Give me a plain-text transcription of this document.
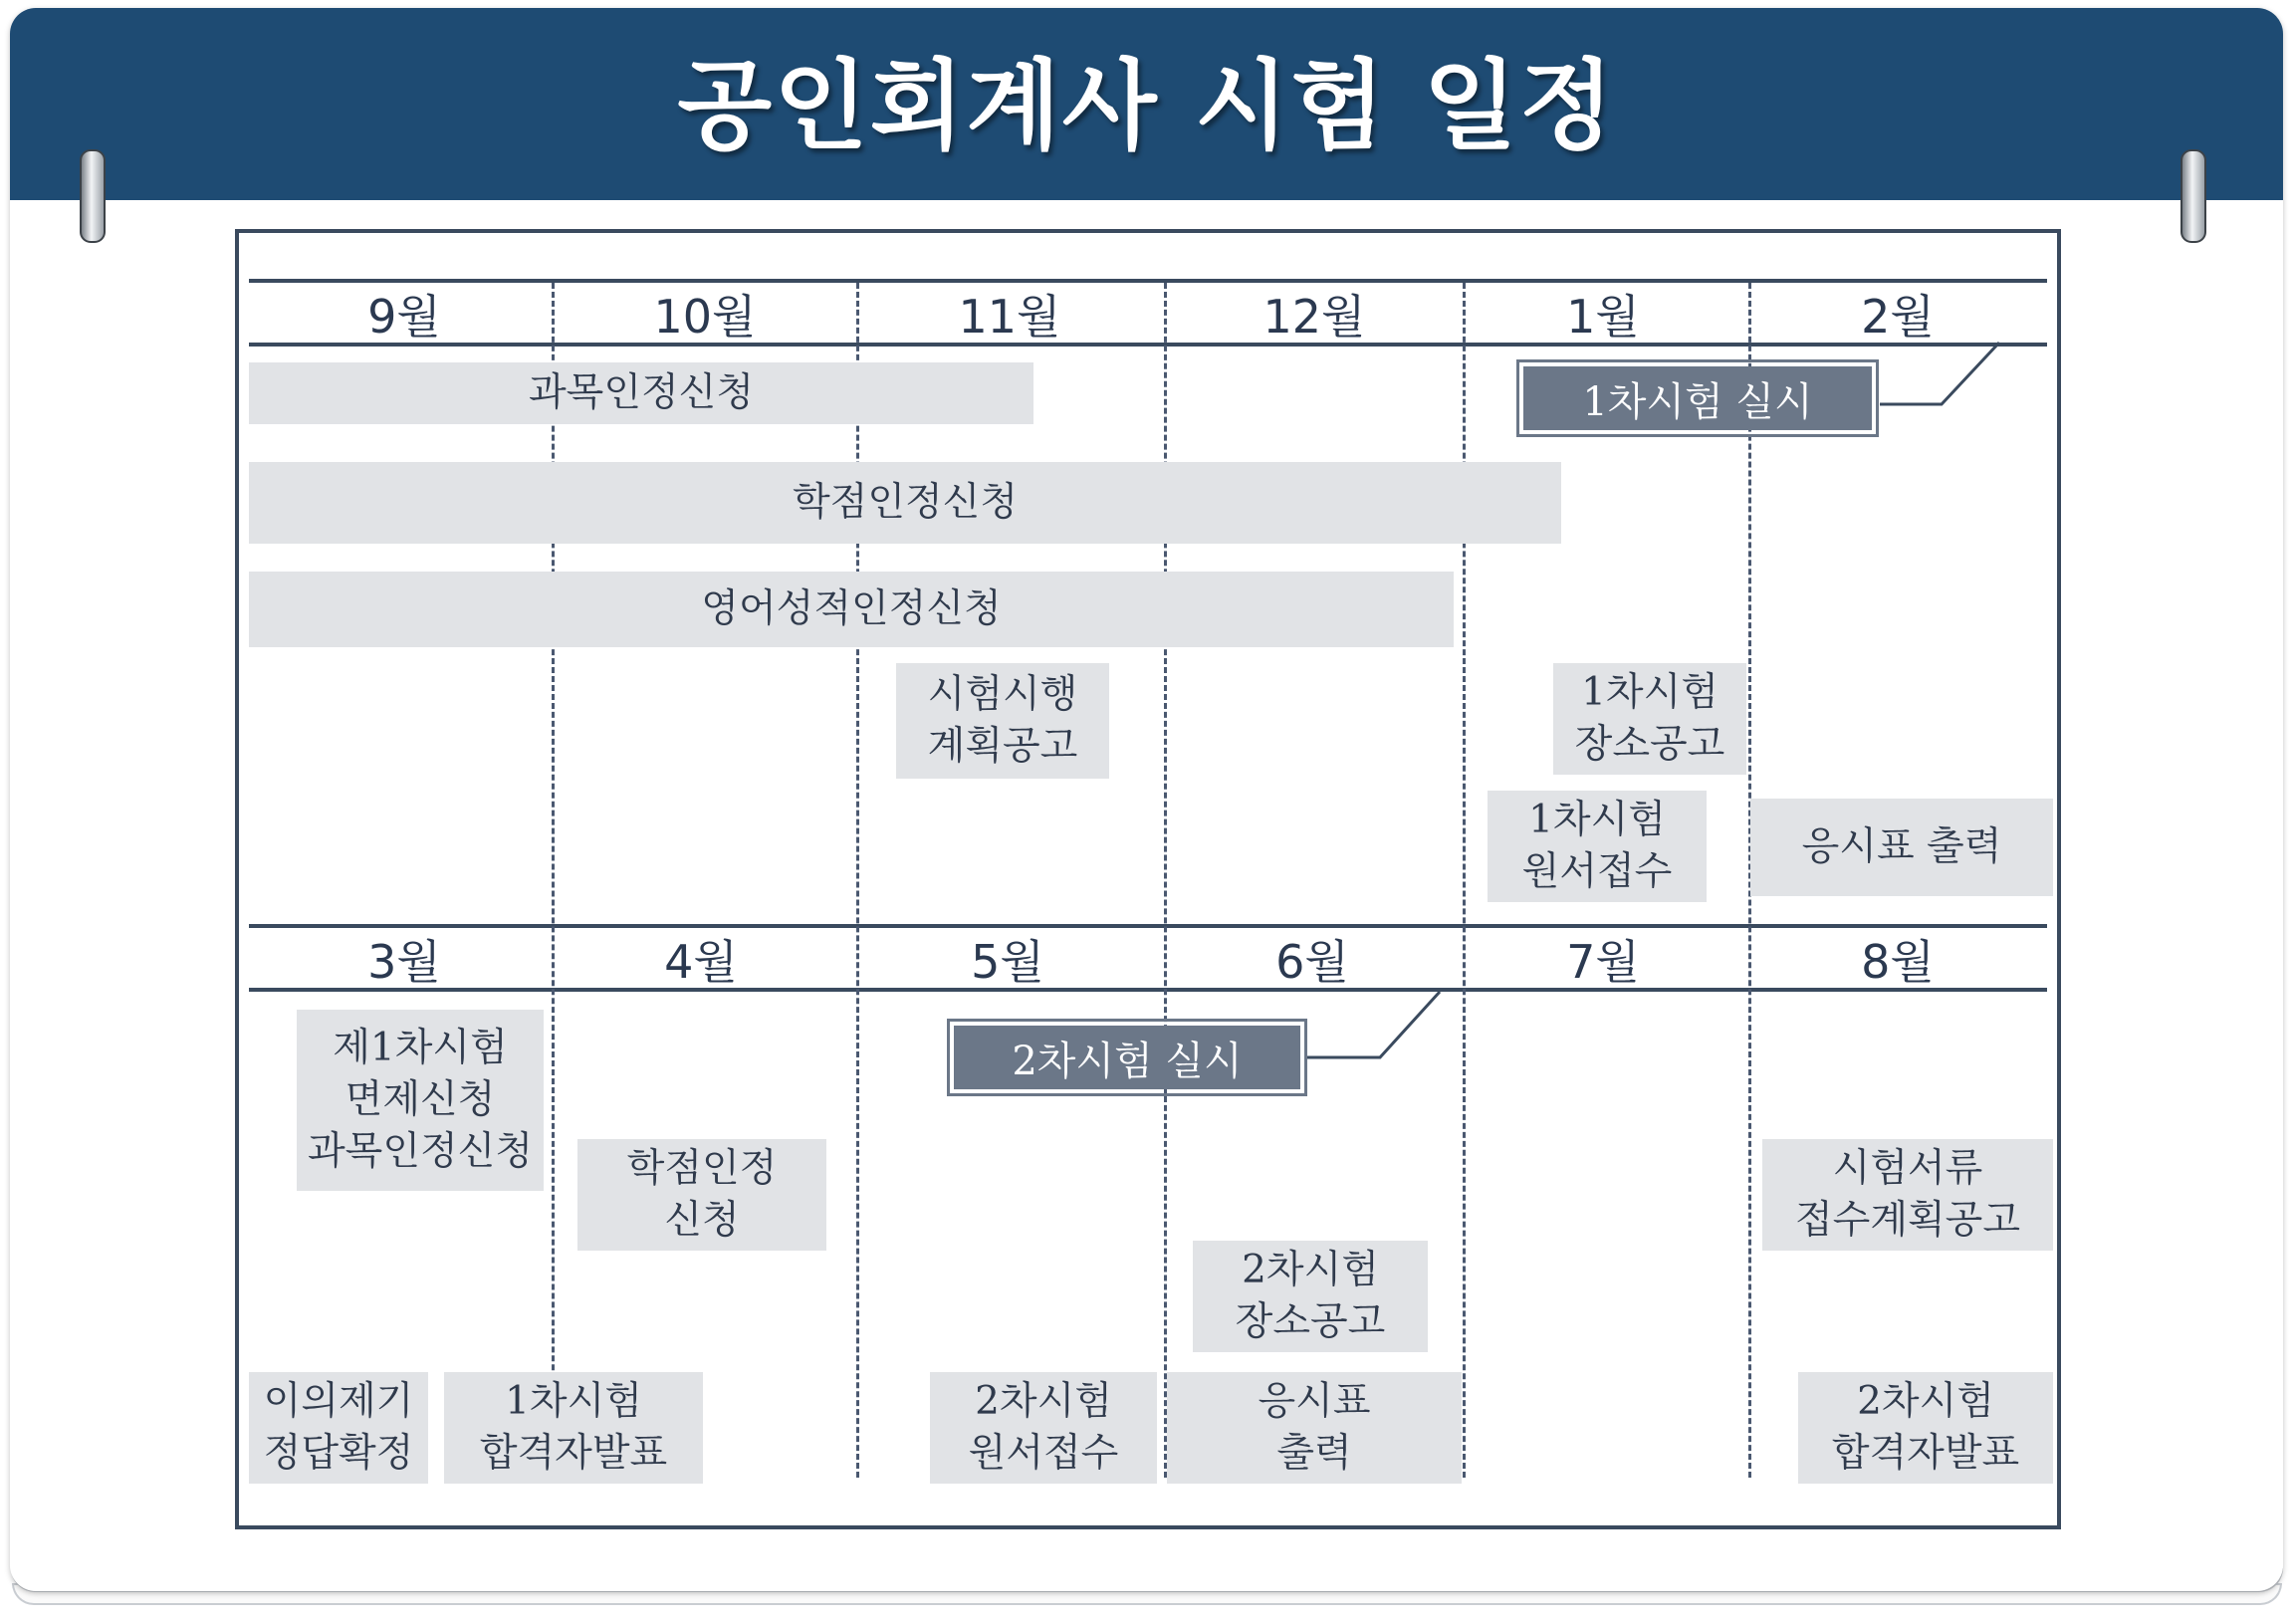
공인회계사 시험 일정
9월	10월	11월	12월	1월	2월
3월	4월	5월	6월	7월	8월
과목인정신청
학점인정신청
영어성적인정신청
시험시행
계획공고
1차시험
장소공고
1차시험
원서접수
응시표 출력
1차시험 실시
제1차시험
면제신청
과목인정신청 학점인정
신청
2차시험 실시
2차시험
장소공고
시험서류
접수계획공고
이의제기
정답확정
1차시험
합격자발표
2차시험
원서접수
응시표
출력
2차시험
합격자발표
